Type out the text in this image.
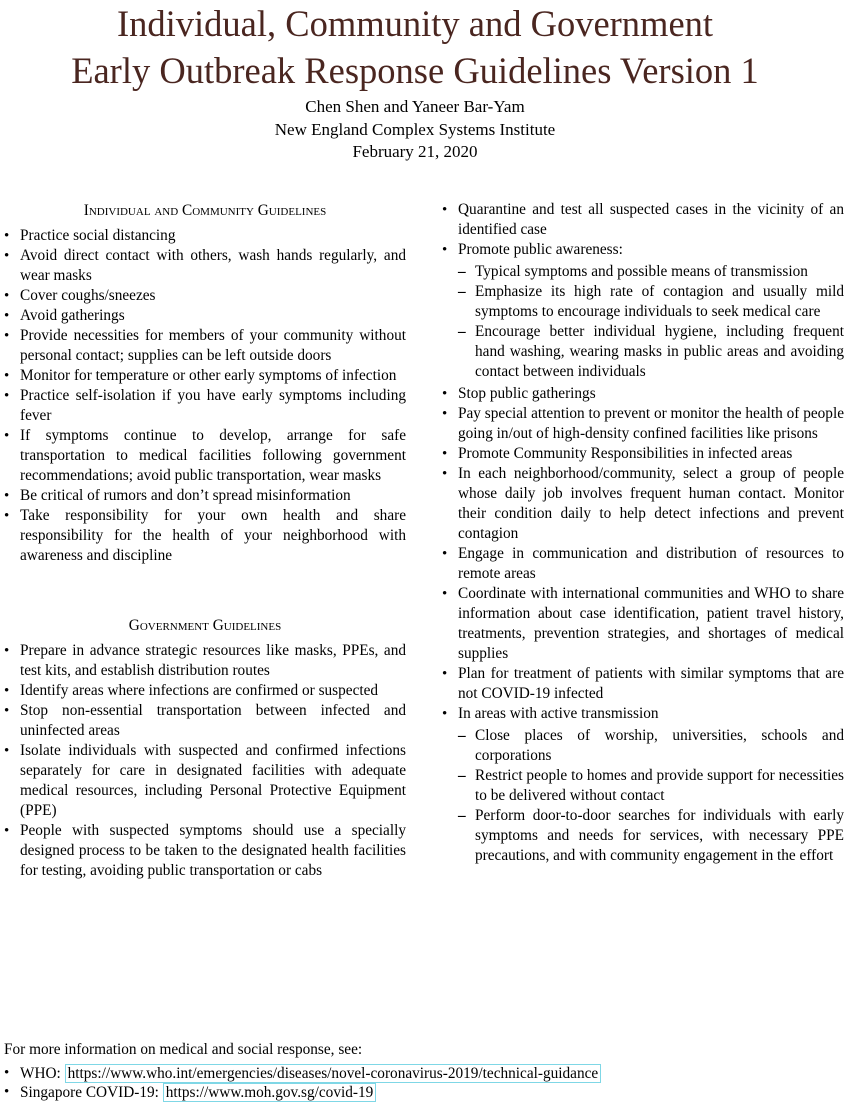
Individual, Community and Government
Early Outbreak Response Guidelines Version 1
Chen Shen and Yaneer Bar-Yam
New England Complex Systems Institute
February 21, 2020
Individual and Community Guidelines
• Practice social distancing
• Avoid direct contact with others, wash hands regularly, and wear masks
• Cover coughs/sneezes
• Avoid gatherings
• Provide necessities for members of your community without personal contact; supplies can be left outside doors
• Monitor for temperature or other early symptoms of infection
• Practice self-isolation if you have early symptoms including fever
• If symptoms continue to develop, arrange for safe transportation to medical facilities following government recommendations; avoid public transportation, wear masks
• Be critical of rumors and don’t spread misinformation
• Take responsibility for your own health and share responsibility for the health of your neighborhood with awareness and discipline
Government Guidelines
• Prepare in advance strategic resources like masks, PPEs, and test kits, and establish distribution routes
• Identify areas where infections are confirmed or suspected
• Stop non-essential transportation between infected and uninfected areas
• Isolate individuals with suspected and confirmed infections separately for care in designated facilities with adequate medical resources, including Personal Protective Equipment (PPE)
• People with suspected symptoms should use a specially designed process to be taken to the designated health facilities for testing, avoiding public transportation or cabs
• Quarantine and test all suspected cases in the vicinity of an identified case
• Promote public awareness:
– Typical symptoms and possible means of transmission
– Emphasize its high rate of contagion and usually mild symptoms to encourage individuals to seek medical care
– Encourage better individual hygiene, including frequent hand washing, wearing masks in public areas and avoiding contact between individuals
• Stop public gatherings
• Pay special attention to prevent or monitor the health of people going in/out of high-density confined facilities like prisons
• Promote Community Responsibilities in infected areas
• In each neighborhood/community, select a group of people whose daily job involves frequent human contact. Monitor their condition daily to help detect infections and prevent contagion
• Engage in communication and distribution of resources to remote areas
• Coordinate with international communities and WHO to share information about case identification, patient travel history, treatments, prevention strategies, and shortages of medical supplies
• Plan for treatment of patients with similar symptoms that are not COVID-19 infected
• In areas with active transmission
– Close places of worship, universities, schools and corporations
– Restrict people to homes and provide support for necessities to be delivered without contact
– Perform door-to-door searches for individuals with early symptoms and needs for services, with necessary PPE precautions, and with community engagement in the effort
For more information on medical and social response, see:
• WHO: https://www.who.int/emergencies/diseases/novel-coronavirus-2019/technical-guidance
• Singapore COVID-19: https://www.moh.gov.sg/covid-19
